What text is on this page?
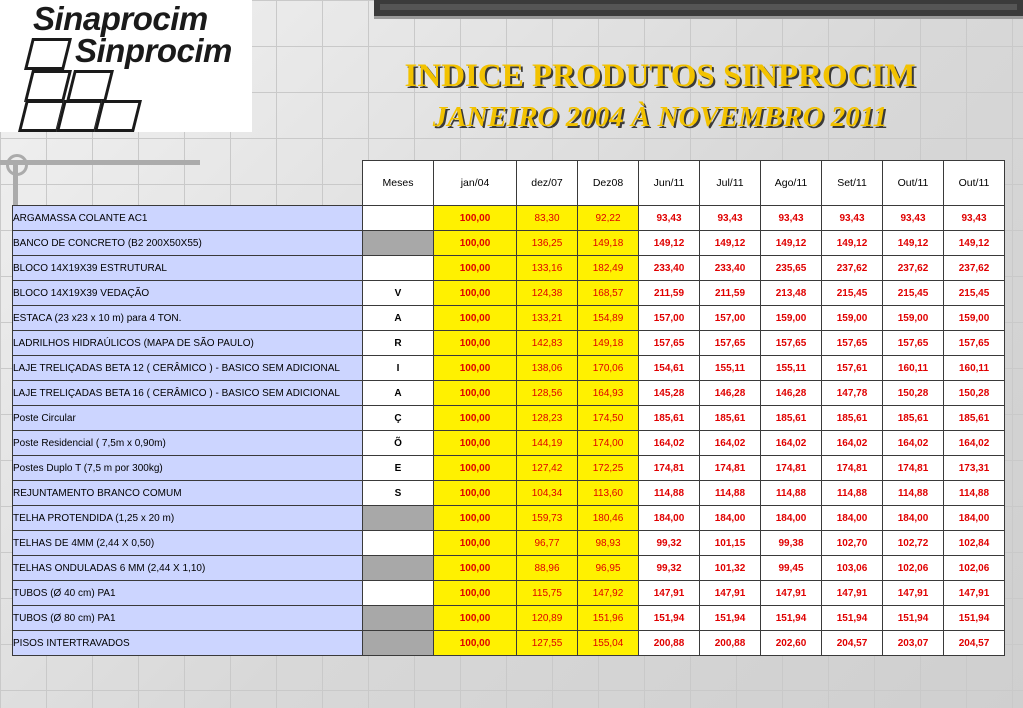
Sinaprocim
Sinprocim
INDICE PRODUTOS SINPROCIM
JANEIRO 2004 À NOVEMBRO 2011
	Meses	jan/04	dez/07	Dez08	Jun/11	Jul/11	Ago/11	Set/11	Out/11	Out/11
ARGAMASSA COLANTE AC1		100,00	83,30	92,22	93,43	93,43	93,43	93,43	93,43	93,43
BANCO DE CONCRETO (B2 200X50X55)		100,00	136,25	149,18	149,12	149,12	149,12	149,12	149,12	149,12
BLOCO 14X19X39 ESTRUTURAL		100,00	133,16	182,49	233,40	233,40	235,65	237,62	237,62	237,62
BLOCO 14X19X39 VEDAÇÃO	V	100,00	124,38	168,57	211,59	211,59	213,48	215,45	215,45	215,45
ESTACA (23 x23 x 10 m) para 4 TON.	A	100,00	133,21	154,89	157,00	157,00	159,00	159,00	159,00	159,00
LADRILHOS HIDRAÚLICOS (MAPA DE SÃO PAULO)	R	100,00	142,83	149,18	157,65	157,65	157,65	157,65	157,65	157,65
LAJE TRELIÇADAS BETA 12 ( CERÂMICO ) - BASICO SEM ADICIONAL	I	100,00	138,06	170,06	154,61	155,11	155,11	157,61	160,11	160,11
LAJE TRELIÇADAS BETA 16 ( CERÂMICO ) - BASICO SEM ADICIONAL	A	100,00	128,56	164,93	145,28	146,28	146,28	147,78	150,28	150,28
Poste Circular	Ç	100,00	128,23	174,50	185,61	185,61	185,61	185,61	185,61	185,61
Poste Residencial ( 7,5m x 0,90m)	Õ	100,00	144,19	174,00	164,02	164,02	164,02	164,02	164,02	164,02
Postes Duplo T (7,5 m por 300kg)	E	100,00	127,42	172,25	174,81	174,81	174,81	174,81	174,81	173,31
REJUNTAMENTO BRANCO COMUM	S	100,00	104,34	113,60	114,88	114,88	114,88	114,88	114,88	114,88
TELHA PROTENDIDA (1,25 x 20 m)		100,00	159,73	180,46	184,00	184,00	184,00	184,00	184,00	184,00
TELHAS DE 4MM (2,44 X 0,50)		100,00	96,77	98,93	99,32	101,15	99,38	102,70	102,72	102,84
TELHAS ONDULADAS 6 MM (2,44 X 1,10)		100,00	88,96	96,95	99,32	101,32	99,45	103,06	102,06	102,06
TUBOS (Ø 40 cm) PA1		100,00	115,75	147,92	147,91	147,91	147,91	147,91	147,91	147,91
TUBOS (Ø 80 cm) PA1		100,00	120,89	151,96	151,94	151,94	151,94	151,94	151,94	151,94
PISOS INTERTRAVADOS		100,00	127,55	155,04	200,88	200,88	202,60	204,57	203,07	204,57
